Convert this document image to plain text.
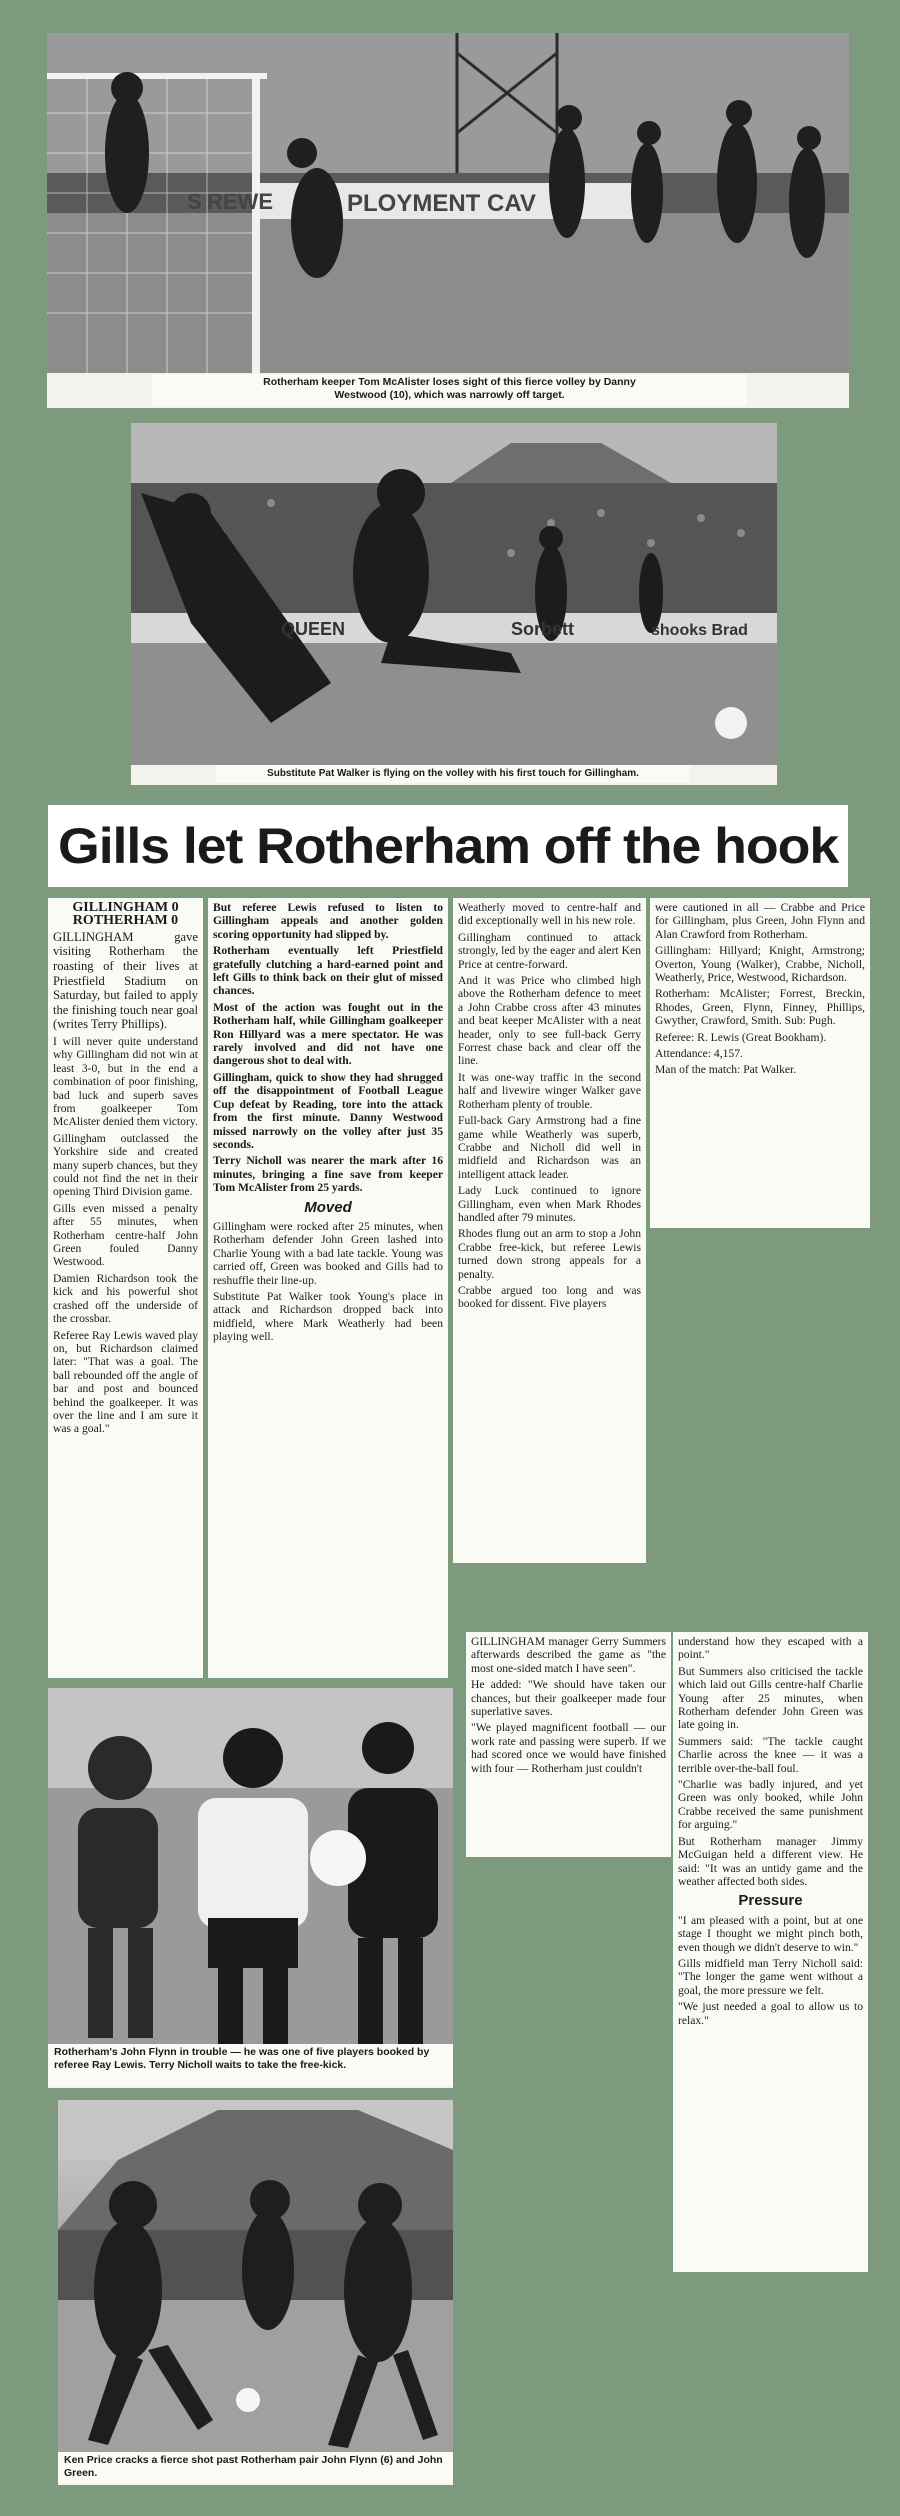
S REWE	PLOYMENT CAV
Rotherham keeper Tom McAlister loses sight of this fierce volley by Danny
Westwood (10), which was narrowly off target.
QUEEN	Sorbett	shooks Brad
Substitute Pat Walker is flying on the volley with his first touch for Gillingham.
Gills let Rotherham off the hook

GILLINGHAM 0

ROTHERHAM 0

GILLINGHAM gave visiting Rotherham the roasting of their lives at Priestfield Stadium on Saturday, but failed to apply the finishing touch near goal (writes Terry Phillips).

I will never quite understand why Gillingham did not win at least 3-0, but in the end a combination of poor finishing, bad luck and superb saves from goalkeeper Tom McAlister denied them victory.

Gillingham outclassed the Yorkshire side and created many superb chances, but they could not find the net in their opening Third Division game.

Gills even missed a penalty after 55 minutes, when Rotherham centre-half John Green fouled Danny Westwood.

Damien Richardson took the kick and his powerful shot crashed off the underside of the crossbar.

Referee Ray Lewis waved play on, but Richardson claimed later: "That was a goal. The ball rebounded off the angle of bar and post and bounced behind the goalkeeper. It was over the line and I am sure it was a goal."

But referee Lewis refused to listen to Gillingham appeals and another golden scoring opportunity had slipped by.

Rotherham eventually left Priestfield gratefully clutching a hard-earned point and left Gills to think back on their glut of missed chances.

Most of the action was fought out in the Rotherham half, while Gillingham goalkeeper Ron Hillyard was a mere spectator. He was rarely involved and did not have one dangerous shot to deal with.

Gillingham, quick to show they had shrugged off the disappointment of Football League Cup defeat by Reading, tore into the attack from the first minute. Danny Westwood missed narrowly on the volley after just 35 seconds.

Terry Nicholl was nearer the mark after 16 minutes, bringing a fine save from keeper Tom McAlister from 25 yards.

Moved

Gillingham were rocked after 25 minutes, when Rotherham defender John Green lashed into Charlie Young with a bad late tackle. Young was carried off, Green was booked and Gills had to reshuffle their line-up.

Substitute Pat Walker took Young's place in attack and Richardson dropped back into midfield, where Mark Weatherly had been playing well.

Weatherly moved to centre-half and did exceptionally well in his new role.

Gillingham continued to attack strongly, led by the eager and alert Ken Price at centre-forward.

And it was Price who climbed high above the Rotherham defence to meet a John Crabbe cross after 43 minutes and beat keeper McAlister with a neat header, only to see full-back Gerry Forrest chase back and clear off the line.

It was one-way traffic in the second half and livewire winger Walker gave Rotherham plenty of trouble.

Full-back Gary Armstrong had a fine game while Weatherly was superb, Crabbe and Nicholl did well in midfield and Richardson was an intelligent attack leader.

Lady Luck continued to ignore Gillingham, even when Mark Rhodes handled after 79 minutes.

Rhodes flung out an arm to stop a John Crabbe free-kick, but referee Lewis turned down strong appeals for a penalty.

Crabbe argued too long and was booked for dissent. Five players

were cautioned in all — Crabbe and Price for Gillingham, plus Green, John Flynn and Alan Crawford from Rotherham.

Gillingham: Hillyard; Knight, Armstrong; Overton, Young (Walker), Crabbe, Nicholl, Weatherly, Price, Westwood, Richardson.

Rotherham: McAlister; Forrest, Breckin, Rhodes, Green, Flynn, Finney, Phillips, Gwyther, Crawford, Smith. Sub: Pugh.

Referee: R. Lewis (Great Bookham).

Attendance: 4,157.

Man of the match: Pat Walker.

Rotherham's John Flynn in trouble — he was one of five players booked by referee Ray Lewis. Terry Nicholl waits to take the free-kick.

GILLINGHAM manager Gerry Summers afterwards described the game as "the most one-sided match I have seen".

He added: "We should have taken our chances, but their goalkeeper made four superlative saves.

"We played magnificent football — our work rate and passing were superb. If we had scored once we would have finished with four — Rotherham just couldn't

understand how they escaped with a point."

But Summers also criticised the tackle which laid out Gills centre-half Charlie Young after 25 minutes, when Rotherham defender John Green was late going in.

Summers said: "The tackle caught Charlie across the knee — it was a terrible over-the-ball foul.

"Charlie was badly injured, and yet Green was only booked, while John Crabbe received the same punishment for arguing."

But Rotherham manager Jimmy McGuigan held a different view. He said: "It was an untidy game and the weather affected both sides.

Pressure

"I am pleased with a point, but at one stage I thought we might pinch both, even though we didn't deserve to win."

Gills midfield man Terry Nicholl said: "The longer the game went without a goal, the more pressure we felt.

"We just needed a goal to allow us to relax."

Ken Price cracks a fierce shot past Rotherham pair John Flynn (6) and John Green.
